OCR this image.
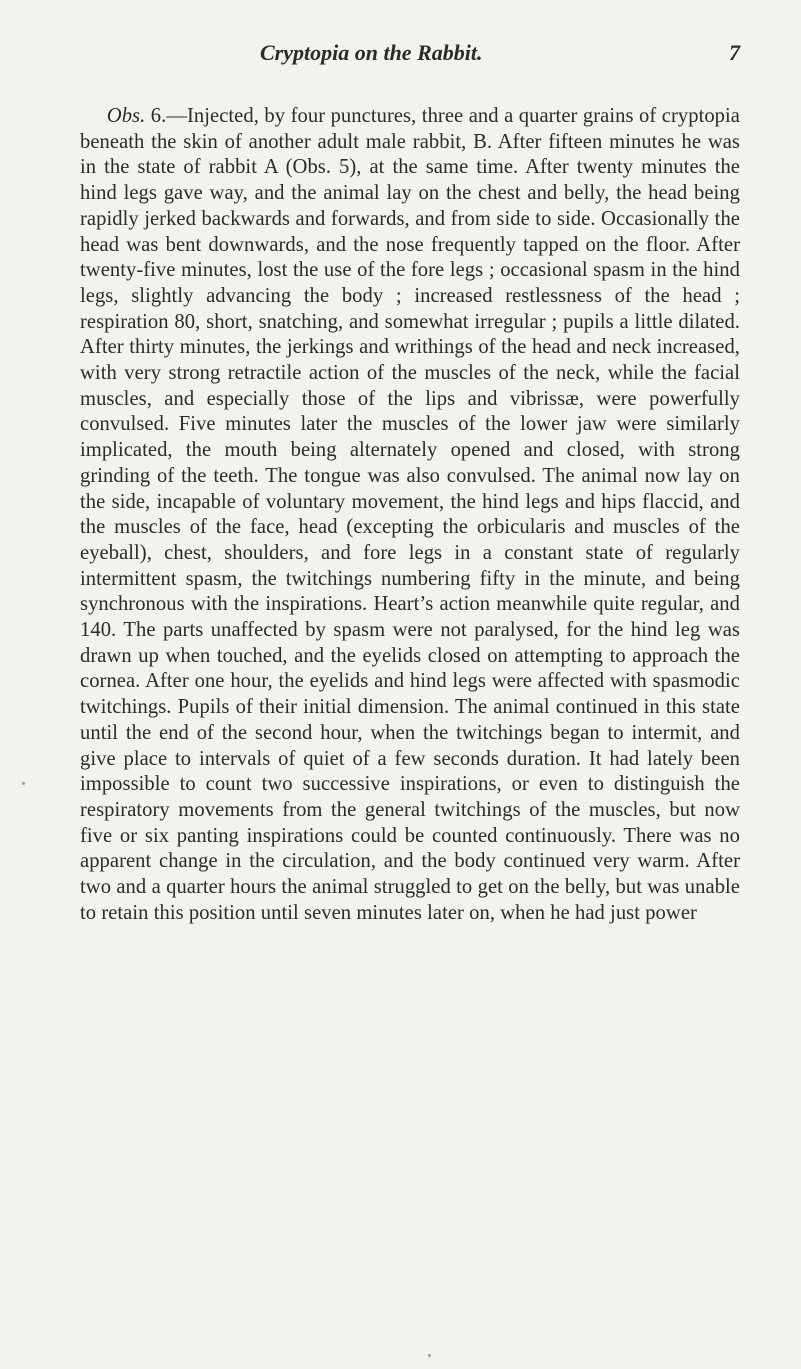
Cryptopia on the Rabbit.	7

Obs. 6.—Injected, by four punctures, three and a quarter grains of cryptopia beneath the skin of another adult male rabbit, B. After fifteen minutes he was in the state of rabbit A (Obs. 5), at the same time. After twenty minutes the hind legs gave way, and the animal lay on the chest and belly, the head being rapidly jerked backwards and forwards, and from side to side. Occasionally the head was bent downwards, and the nose frequently tapped on the floor. After twenty-five minutes, lost the use of the fore legs ; occasional spasm in the hind legs, slightly advancing the body ; increased restlessness of the head ; respiration 80, short, snatching, and somewhat irregular ; pupils a little dilated. After thirty minutes, the jerkings and writhings of the head and neck increased, with very strong retractile action of the muscles of the neck, while the facial muscles, and especially those of the lips and vibrissæ, were powerfully convulsed. Five minutes later the muscles of the lower jaw were similarly implicated, the mouth being alternately opened and closed, with strong grinding of the teeth. The tongue was also convulsed. The animal now lay on the side, incapable of voluntary movement, the hind legs and hips flaccid, and the muscles of the face, head (excepting the orbicularis and muscles of the eyeball), chest, shoulders, and fore legs in a constant state of regularly intermittent spasm, the twitchings numbering fifty in the minute, and being synchronous with the inspirations. Heart’s action meanwhile quite regular, and 140. The parts unaffected by spasm were not paralysed, for the hind leg was drawn up when touched, and the eyelids closed on attempting to approach the cornea. After one hour, the eyelids and hind legs were affected with spasmodic twitchings. Pupils of their initial dimension. The animal continued in this state until the end of the second hour, when the twitchings began to intermit, and give place to intervals of quiet of a few seconds duration. It had lately been impossible to count two successive inspirations, or even to distinguish the respiratory movements from the general twitchings of the muscles, but now five or six panting inspirations could be counted continuously. There was no apparent change in the circulation, and the body continued very warm. After two and a quarter hours the animal struggled to get on the belly, but was unable to retain this position until seven minutes later on, when he had just power
